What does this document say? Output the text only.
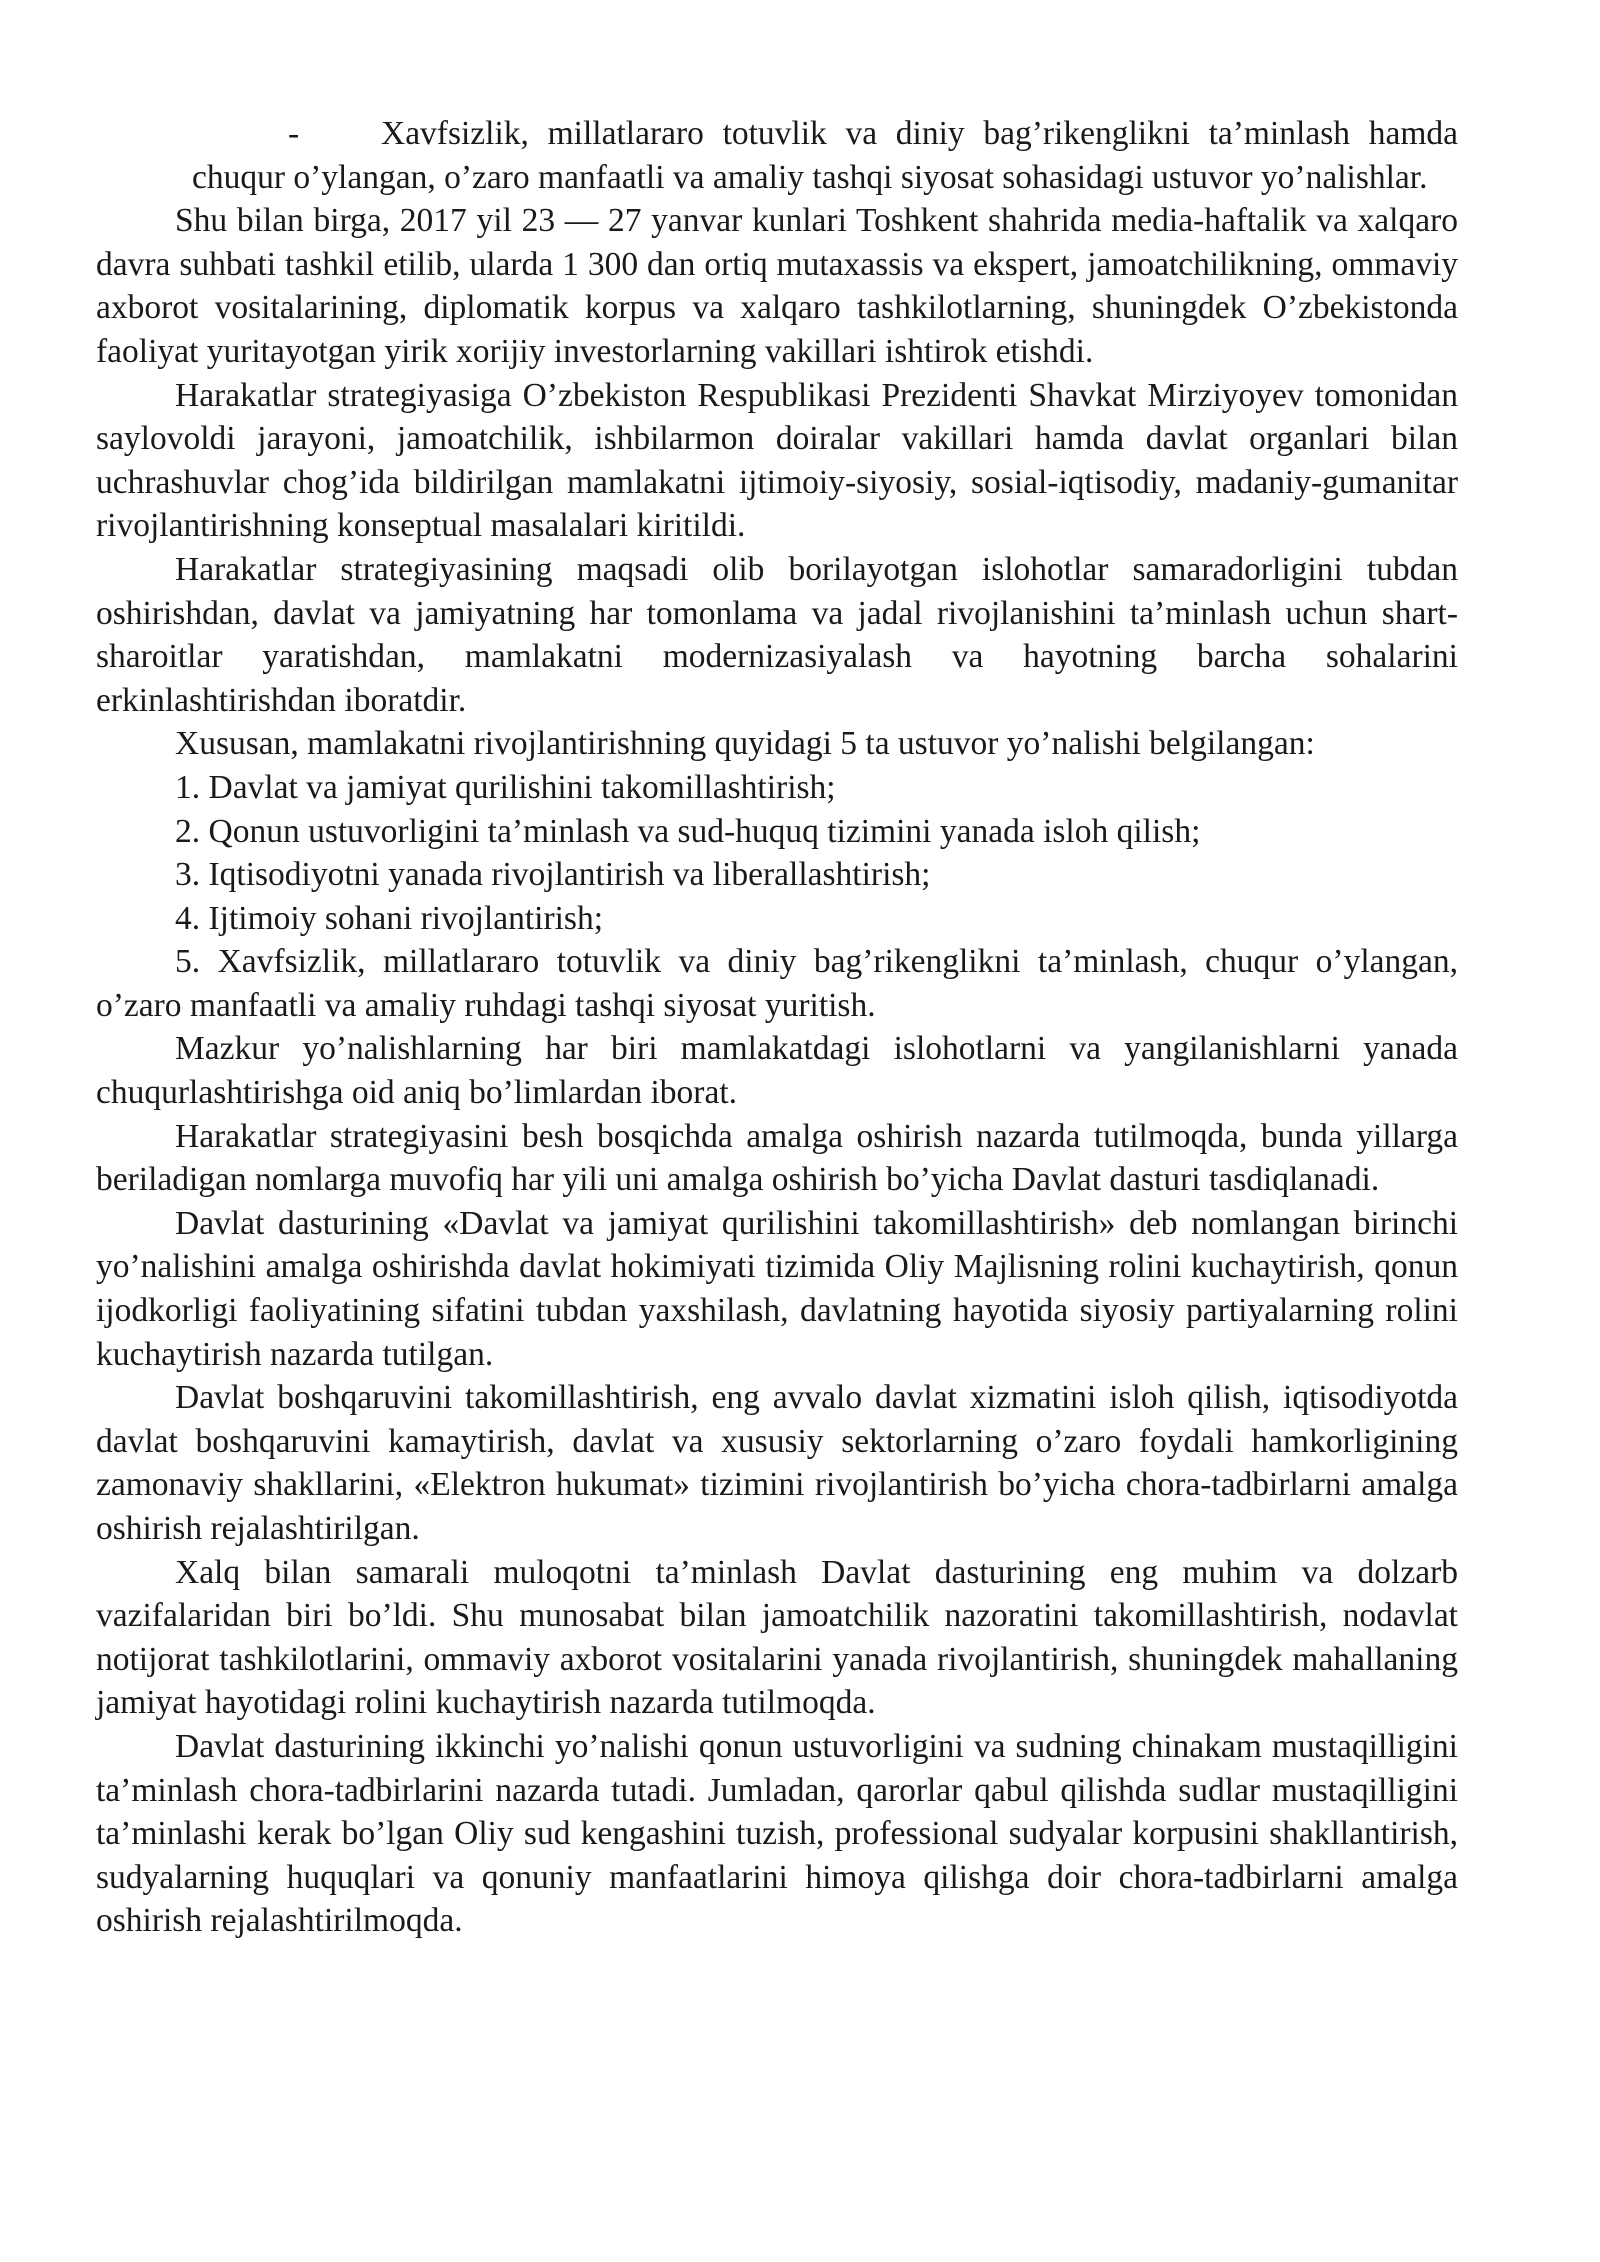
-	Xavfsizlik, millatlararo totuvlik va diniy bag’rikenglikni ta’minlash hamda chuqur o’ylangan, o’zaro manfaatli va amaliy tashqi siyosat sohasidagi ustuvor yo’nalishlar.

Shu bilan birga, 2017 yil 23 — 27 yanvar kunlari Toshkent shahrida media-haftalik va xalqaro davra suhbati tashkil etilib, ularda 1 300 dan ortiq mutaxassis va ekspert, jamoatchilikning, ommaviy axborot vositalarining, diplomatik korpus va xalqaro tashkilotlarning, shuningdek O’zbekistonda faoliyat yuritayotgan yirik xorijiy investorlarning vakillari ishtirok etishdi.

Harakatlar strategiyasiga O’zbekiston Respublikasi Prezidenti Shavkat Mirziyoyev tomonidan saylovoldi jarayoni, jamoatchilik, ishbilarmon doiralar vakillari hamda davlat organlari bilan uchrashuvlar chog’ida bildirilgan mamlakatni ijtimoiy-siyosiy, sosial-iqtisodiy, madaniy-gumanitar rivojlantirishning konseptual masalalari kiritildi.

Harakatlar strategiyasining maqsadi olib borilayotgan islohotlar samaradorligini tubdan oshirishdan, davlat va jamiyatning har tomonlama va jadal rivojlanishini ta’minlash uchun shart-sharoitlar yaratishdan, mamlakatni modernizasiyalash va hayotning barcha sohalarini erkinlashtirishdan iboratdir.

Xususan, mamlakatni rivojlantirishning quyidagi 5 ta ustuvor yo’nalishi belgilangan:

1. Davlat va jamiyat qurilishini takomillashtirish;

2. Qonun ustuvorligini ta’minlash va sud-huquq tizimini yanada isloh qilish;

3. Iqtisodiyotni yanada rivojlantirish va liberallashtirish;

4. Ijtimoiy sohani rivojlantirish;

5. Xavfsizlik, millatlararo totuvlik va diniy bag’rikenglikni ta’minlash, chuqur o’ylangan, o’zaro manfaatli va amaliy ruhdagi tashqi siyosat yuritish.

Mazkur yo’nalishlarning har biri mamlakatdagi islohotlarni va yangilanishlarni yanada chuqurlashtirishga oid aniq bo’limlardan iborat.

Harakatlar strategiyasini besh bosqichda amalga oshirish nazarda tutilmoqda, bunda yillarga beriladigan nomlarga muvofiq har yili uni amalga oshirish bo’yicha Davlat dasturi tasdiqlanadi.

Davlat dasturining «Davlat va jamiyat qurilishini takomillashtirish» deb nomlangan birinchi yo’nalishini amalga oshirishda davlat hokimiyati tizimida Oliy Majlisning rolini kuchaytirish, qonun ijodkorligi faoliyatining sifatini tubdan yaxshilash, davlatning hayotida siyosiy partiyalarning rolini kuchaytirish nazarda tutilgan.

Davlat boshqaruvini takomillashtirish, eng avvalo davlat xizmatini isloh qilish, iqtisodiyotda davlat boshqaruvini kamaytirish, davlat va xususiy sektorlarning o’zaro foydali hamkorligining zamonaviy shakllarini, «Elektron hukumat» tizimini rivojlantirish bo’yicha chora-tadbirlarni amalga oshirish rejalashtirilgan.

Xalq bilan samarali muloqotni ta’minlash Davlat dasturining eng muhim va dolzarb vazifalaridan biri bo’ldi. Shu munosabat bilan jamoatchilik nazoratini takomillashtirish, nodavlat notijorat tashkilotlarini, ommaviy axborot vositalarini yanada rivojlantirish, shuningdek mahallaning jamiyat hayotidagi rolini kuchaytirish nazarda tutilmoqda.

Davlat dasturining ikkinchi yo’nalishi qonun ustuvorligini va sudning chinakam mustaqilligini ta’minlash chora-tadbirlarini nazarda tutadi. Jumladan, qarorlar qabul qilishda sudlar mustaqilligini ta’minlashi kerak bo’lgan Oliy sud kengashini tuzish, professional sudyalar korpusini shakllantirish, sudyalarning huquqlari va qonuniy manfaatlarini himoya qilishga doir chora-tadbirlarni amalga oshirish rejalashtirilmoqda.
